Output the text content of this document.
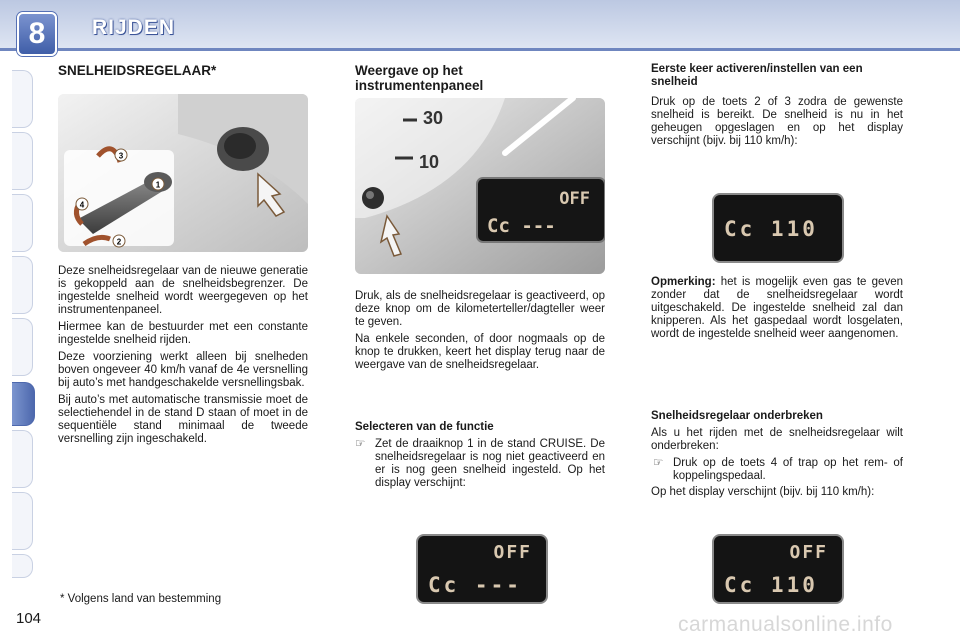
8	RIJDEN
SNELHEIDSREGELAAR*
3
1
2
4

Deze snelheidsregelaar van de nieuwe generatie is gekoppeld aan de snelheidsbegrenzer. De ingestelde snelheid wordt weergegeven op het instrumentenpaneel.

Hiermee kan de bestuurder met een constante ingestelde snelheid rijden.

Deze voorziening werkt alleen bij snelheden boven ongeveer 40 km/h vanaf de 4e versnelling bij auto’s met handgeschakelde versnellingsbak.

Bij auto’s met automatische transmissie moet de selectiehendel in de stand D staan of moet in de sequentiële stand minimaal de tweede versnelling zijn ingeschakeld.

Weergave op het instrumentenpaneel
30
10
OFF
Cc ---

Druk, als de snelheidsregelaar is geactiveerd, op deze knop om de kilometerteller/dagteller weer te geven.

Na enkele seconden, of door nogmaals op de knop te drukken, keert het display terug naar de weergave van de snelheidsregelaar.

Selecteren van de functie
☞ Zet de draaiknop 1 in de stand CRUISE. De snelheidsregelaar is nog niet geactiveerd en er is nog geen snelheid ingesteld. Op het display verschijnt:
OFF
Cc ---
Eerste keer activeren/instellen van een snelheid

Druk op de toets 2 of 3 zodra de gewenste snelheid is bereikt. De snelheid is nu in het geheugen opgeslagen en op het display verschijnt (bijv. bij 110 km/h):

Cc 110

Opmerking: het is mogelijk even gas te geven zonder dat de snelheidsregelaar wordt uitgeschakeld. De ingestelde snelheid zal dan knipperen. Als het gaspedaal wordt losgelaten, wordt de ingestelde snelheid weer aangenomen.

Snelheidsregelaar onderbreken

Als u het rijden met de snelheidsregelaar wilt onderbreken:

☞ Druk op de toets 4 of trap op het rem- of koppelingspedaal.

Op het display verschijnt (bijv. bij 110 km/h):

OFF
Cc 110
* Volgens land van bestemming
104	carmanualsonline.info
